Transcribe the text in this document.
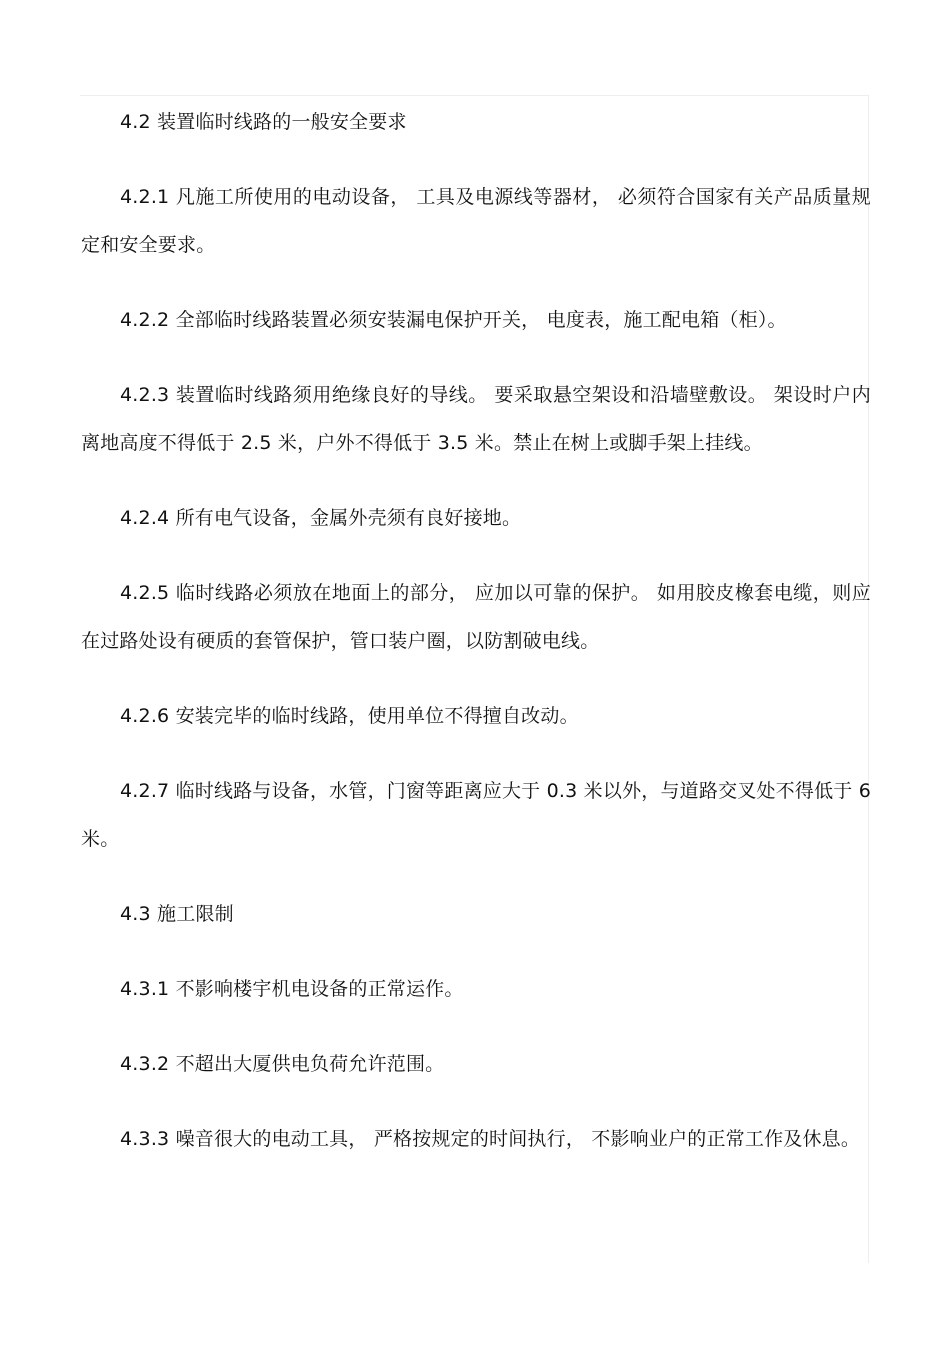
4.2 装置临时线路的一般安全要求

4.2.1 凡施工所使用的电动设备， 工具及电源线等器材， 必须符合国家有关产品质量规定和安全要求。

4.2.2 全部临时线路装置必须安装漏电保护开关， 电度表，施工配电箱（柜）。

4.2.3 装置临时线路须用绝缘良好的导线。 要采取悬空架设和沿墙壁敷设。 架设时户内离地高度不得低于 2.5 米，户外不得低于 3.5 米。禁止在树上或脚手架上挂线。

4.2.4 所有电气设备，金属外壳须有良好接地。

4.2.5 临时线路必须放在地面上的部分， 应加以可靠的保护。 如用胶皮橡套电缆，则应在过路处设有硬质的套管保护，管口装户圈，以防割破电线。

4.2.6 安装完毕的临时线路，使用单位不得擅自改动。

4.2.7 临时线路与设备，水管，门窗等距离应大于 0.3 米以外，与道路交叉处不得低于 6 米。

4.3 施工限制

4.3.1 不影响楼宇机电设备的正常运作。

4.3.2 不超出大厦供电负荷允许范围。

4.3.3 噪音很大的电动工具， 严格按规定的时间执行， 不影响业户的正常工作及休息。
